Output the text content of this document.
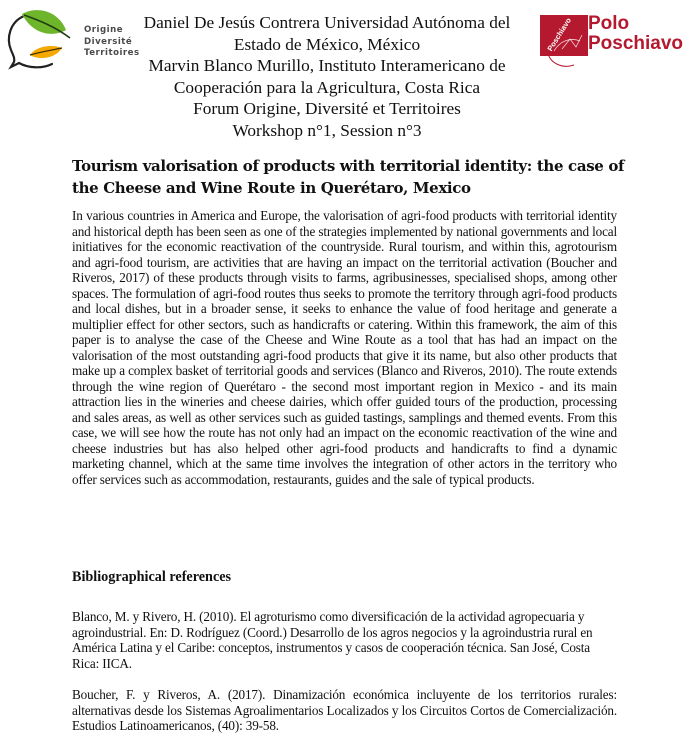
Origine
Diversité
Territoires
Daniel De Jesús Contrera Universidad Autónoma del
Estado de México, México
Marvin Blanco Murillo, Instituto Interamericano de
Cooperación para la Agricultura, Costa Rica
Forum Origine, Diversité et Territoires
Workshop n°1, Session n°3
Poschiavo Polo
Poschiavo
Tourism valorisation of products with territorial identity: the case of the Cheese and Wine Route in Querétaro, Mexico

In various countries in America and Europe, the valorisation of agri-food products with territorial identity and historical depth has been seen as one of the strategies implemented by national governments and local initiatives for the economic reactivation of the countryside. Rural tourism, and within this, agrotourism and agri-food tourism, are activities that are having an impact on the territorial activation (Boucher and Riveros, 2017) of these products through visits to farms, agribusinesses, specialised shops, among other spaces. The formulation of agri-food routes thus seeks to promote the territory through agri-food products and local dishes, but in a broader sense, it seeks to enhance the value of food heritage and generate a multiplier effect for other sectors, such as handicrafts or catering. Within this framework, the aim of this paper is to analyse the case of the Cheese and Wine Route as a tool that has had an impact on the valorisation of the most outstanding agri-food products that give it its name, but also other products that make up a complex basket of territorial goods and services (Blanco and Riveros, 2010). The route extends through the wine region of Querétaro - the second most important region in Mexico - and its main attraction lies in the wineries and cheese dairies, which offer guided tours of the production, processing and sales areas, as well as other services such as guided tastings, samplings and themed events. From this case, we will see how the route has not only had an impact on the economic reactivation of the wine and cheese industries but has also helped other agri-food products and handicrafts to find a dynamic marketing channel, which at the same time involves the integration of other actors in the territory who offer services such as accommodation, restaurants, guides and the sale of typical products.

Bibliographical references

Blanco, M. y Rivero, H. (2010). El agroturismo como diversificación de la actividad agropecuaria y agroindustrial. En: D. Rodríguez (Coord.) Desarrollo de los agros negocios y la agroindustria rural en América Latina y el Caribe: conceptos, instrumentos y casos de cooperación técnica. San José, Costa Rica: IICA.

Boucher, F. y Riveros, A. (2017). Dinamización económica incluyente de los territorios rurales: alternativas desde los Sistemas Agroalimentarios Localizados y los Circuitos Cortos de Comercialización. Estudios Latinoamericanos, (40): 39-58.
